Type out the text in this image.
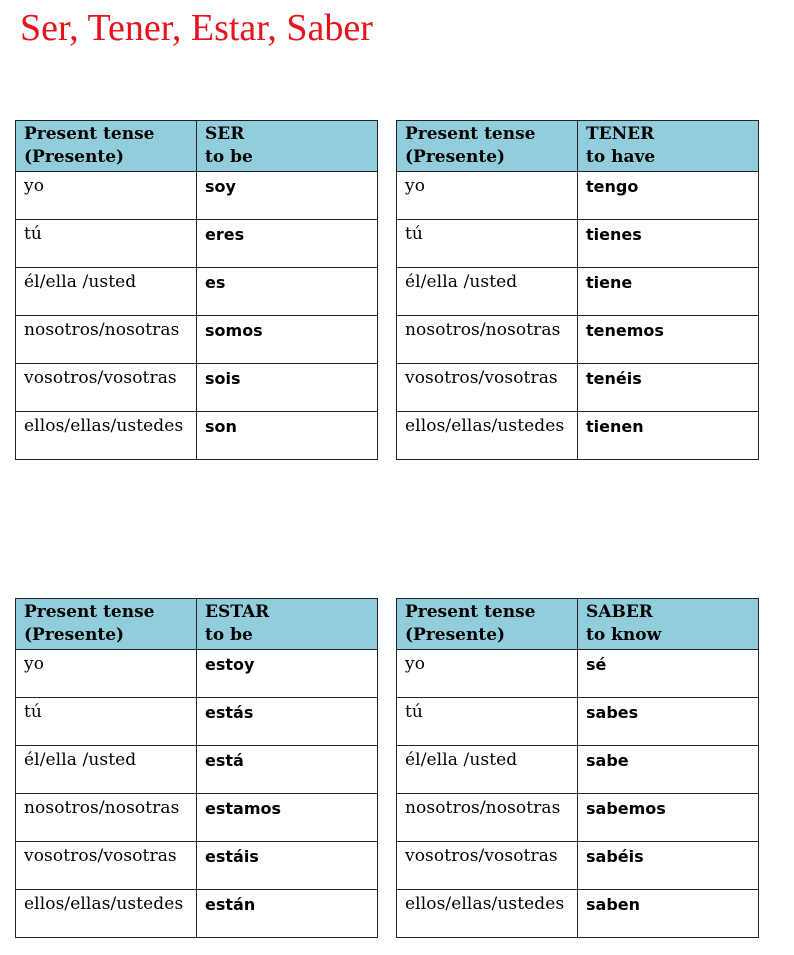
Ser, Tener, Estar, Saber
Present tense
(Presente)	SER
to be

yo	soy
tú	eres
él/ella /usted	es
nosotros/nosotras	somos
vosotros/vosotras	sois
ellos/ellas/ustedes	son
Present tense
(Presente)	TENER
to have

yo	tengo
tú	tienes
él/ella /usted	tiene
nosotros/nosotras	tenemos
vosotros/vosotras	tenéis
ellos/ellas/ustedes	tienen
Present tense
(Presente)	ESTAR
to be

yo	estoy
tú	estás
él/ella /usted	está
nosotros/nosotras	estamos
vosotros/vosotras	estáis
ellos/ellas/ustedes	están
Present tense
(Presente)	SABER
to know

yo	sé
tú	sabes
él/ella /usted	sabe
nosotros/nosotras	sabemos
vosotros/vosotras	sabéis
ellos/ellas/ustedes	saben
